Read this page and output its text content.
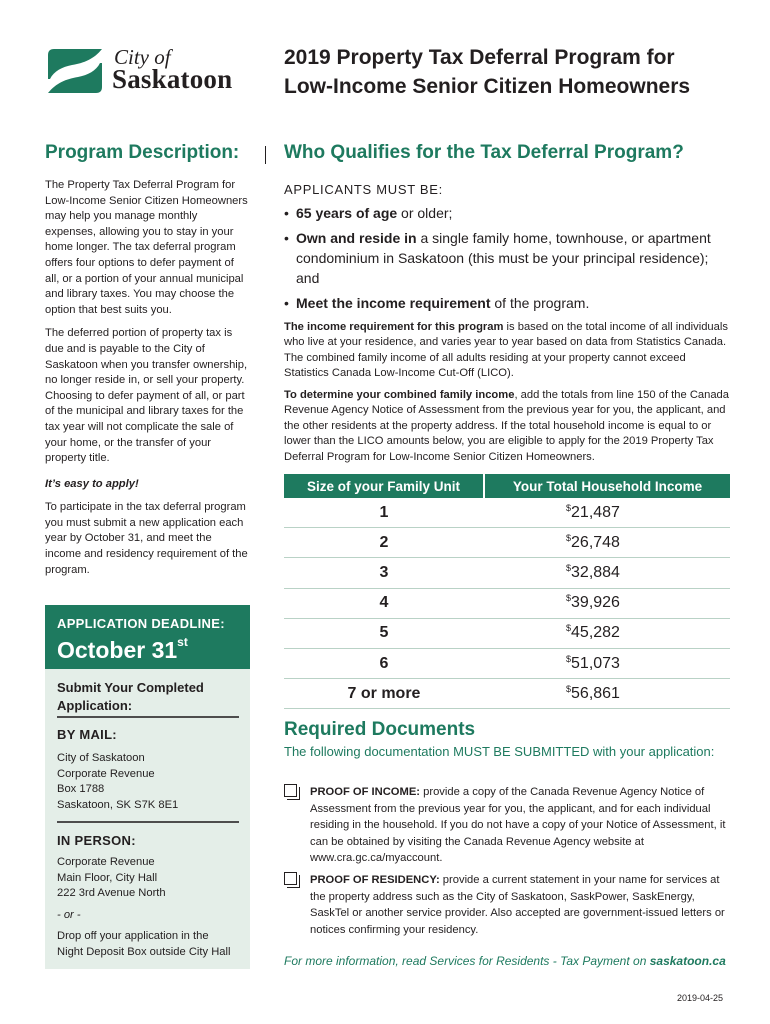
City of
Saskatoon
2019 Property Tax Deferral Program for
Low-Income Senior Citizen Homeowners
Program Description:

The Property Tax Deferral Program for Low-Income Senior Citizen Homeowners may help you manage monthly expenses, allowing you to stay in your home longer. The tax deferral program offers four options to defer payment of all, or a portion of your annual municipal and library taxes. You may choose the option that best suits you.

The deferred portion of property tax is due and is payable to the City of Saskatoon when you transfer ownership, no longer reside in, or sell your property. Choosing to defer payment of all, or part of the municipal and library taxes for the tax year will not complicate the sale of your home, or the transfer of your property title.

It’s easy to apply!

To participate in the tax deferral program you must submit a new application each year by October 31, and meet the income and residency requirement of the program.

APPLICATION DEADLINE:
October 31st
Submit Your Completed Application:
BY MAIL:
City of Saskatoon
Corporate Revenue
Box 1788
Saskatoon, SK S7K 8E1
IN PERSON:
Corporate Revenue
Main Floor, City Hall
222 3rd Avenue North
- or -
Drop off your application in the
Night Deposit Box outside City Hall
Who Qualifies for the Tax Deferral Program?
APPLICANTS MUST BE:
• 65 years of age or older;
• Own and reside in a single family home, townhouse, or apartment condominium in Saskatoon (this must be your principal residence); and
• Meet the income requirement of the program.
The income requirement for this program is based on the total income of all individuals who live at your residence, and varies year to year based on data from Statistics Canada. The combined family income of all adults residing at your property cannot exceed Statistics Canada Low-Income Cut-Off (LICO).
To determine your combined family income, add the totals from line 150 of the Canada Revenue Agency Notice of Assessment from the previous year for you, the applicant, and the other residents at the property address. If the total household income is equal to or lower than the LICO amounts below, you are eligible to apply for the 2019 Property Tax Deferral Program for Low-Income Senior Citizen Homeowners.
Size of your Family Unit	Your Total Household Income
1	$21,487
2	$26,748
3	$32,884
4	$39,926
5	$45,282
6	$51,073
7 or more	$56,861
Required Documents
The following documentation MUST BE SUBMITTED with your application:
PROOF OF INCOME: provide a copy of the Canada Revenue Agency Notice of Assessment from the previous year for you, the applicant, and for each individual residing in the household. If you do not have a copy of your Notice of Assessment, it can be obtained by visiting the Canada Revenue Agency website at www.cra.gc.ca/myaccount.
PROOF OF RESIDENCY: provide a current statement in your name for services at the property address such as the City of Saskatoon, SaskPower, SaskEnergy, SaskTel or another service provider. Also accepted are government-issued letters or notices confirming your residency.
For more information, read Services for Residents - Tax Payment on saskatoon.ca
2019-04-25
